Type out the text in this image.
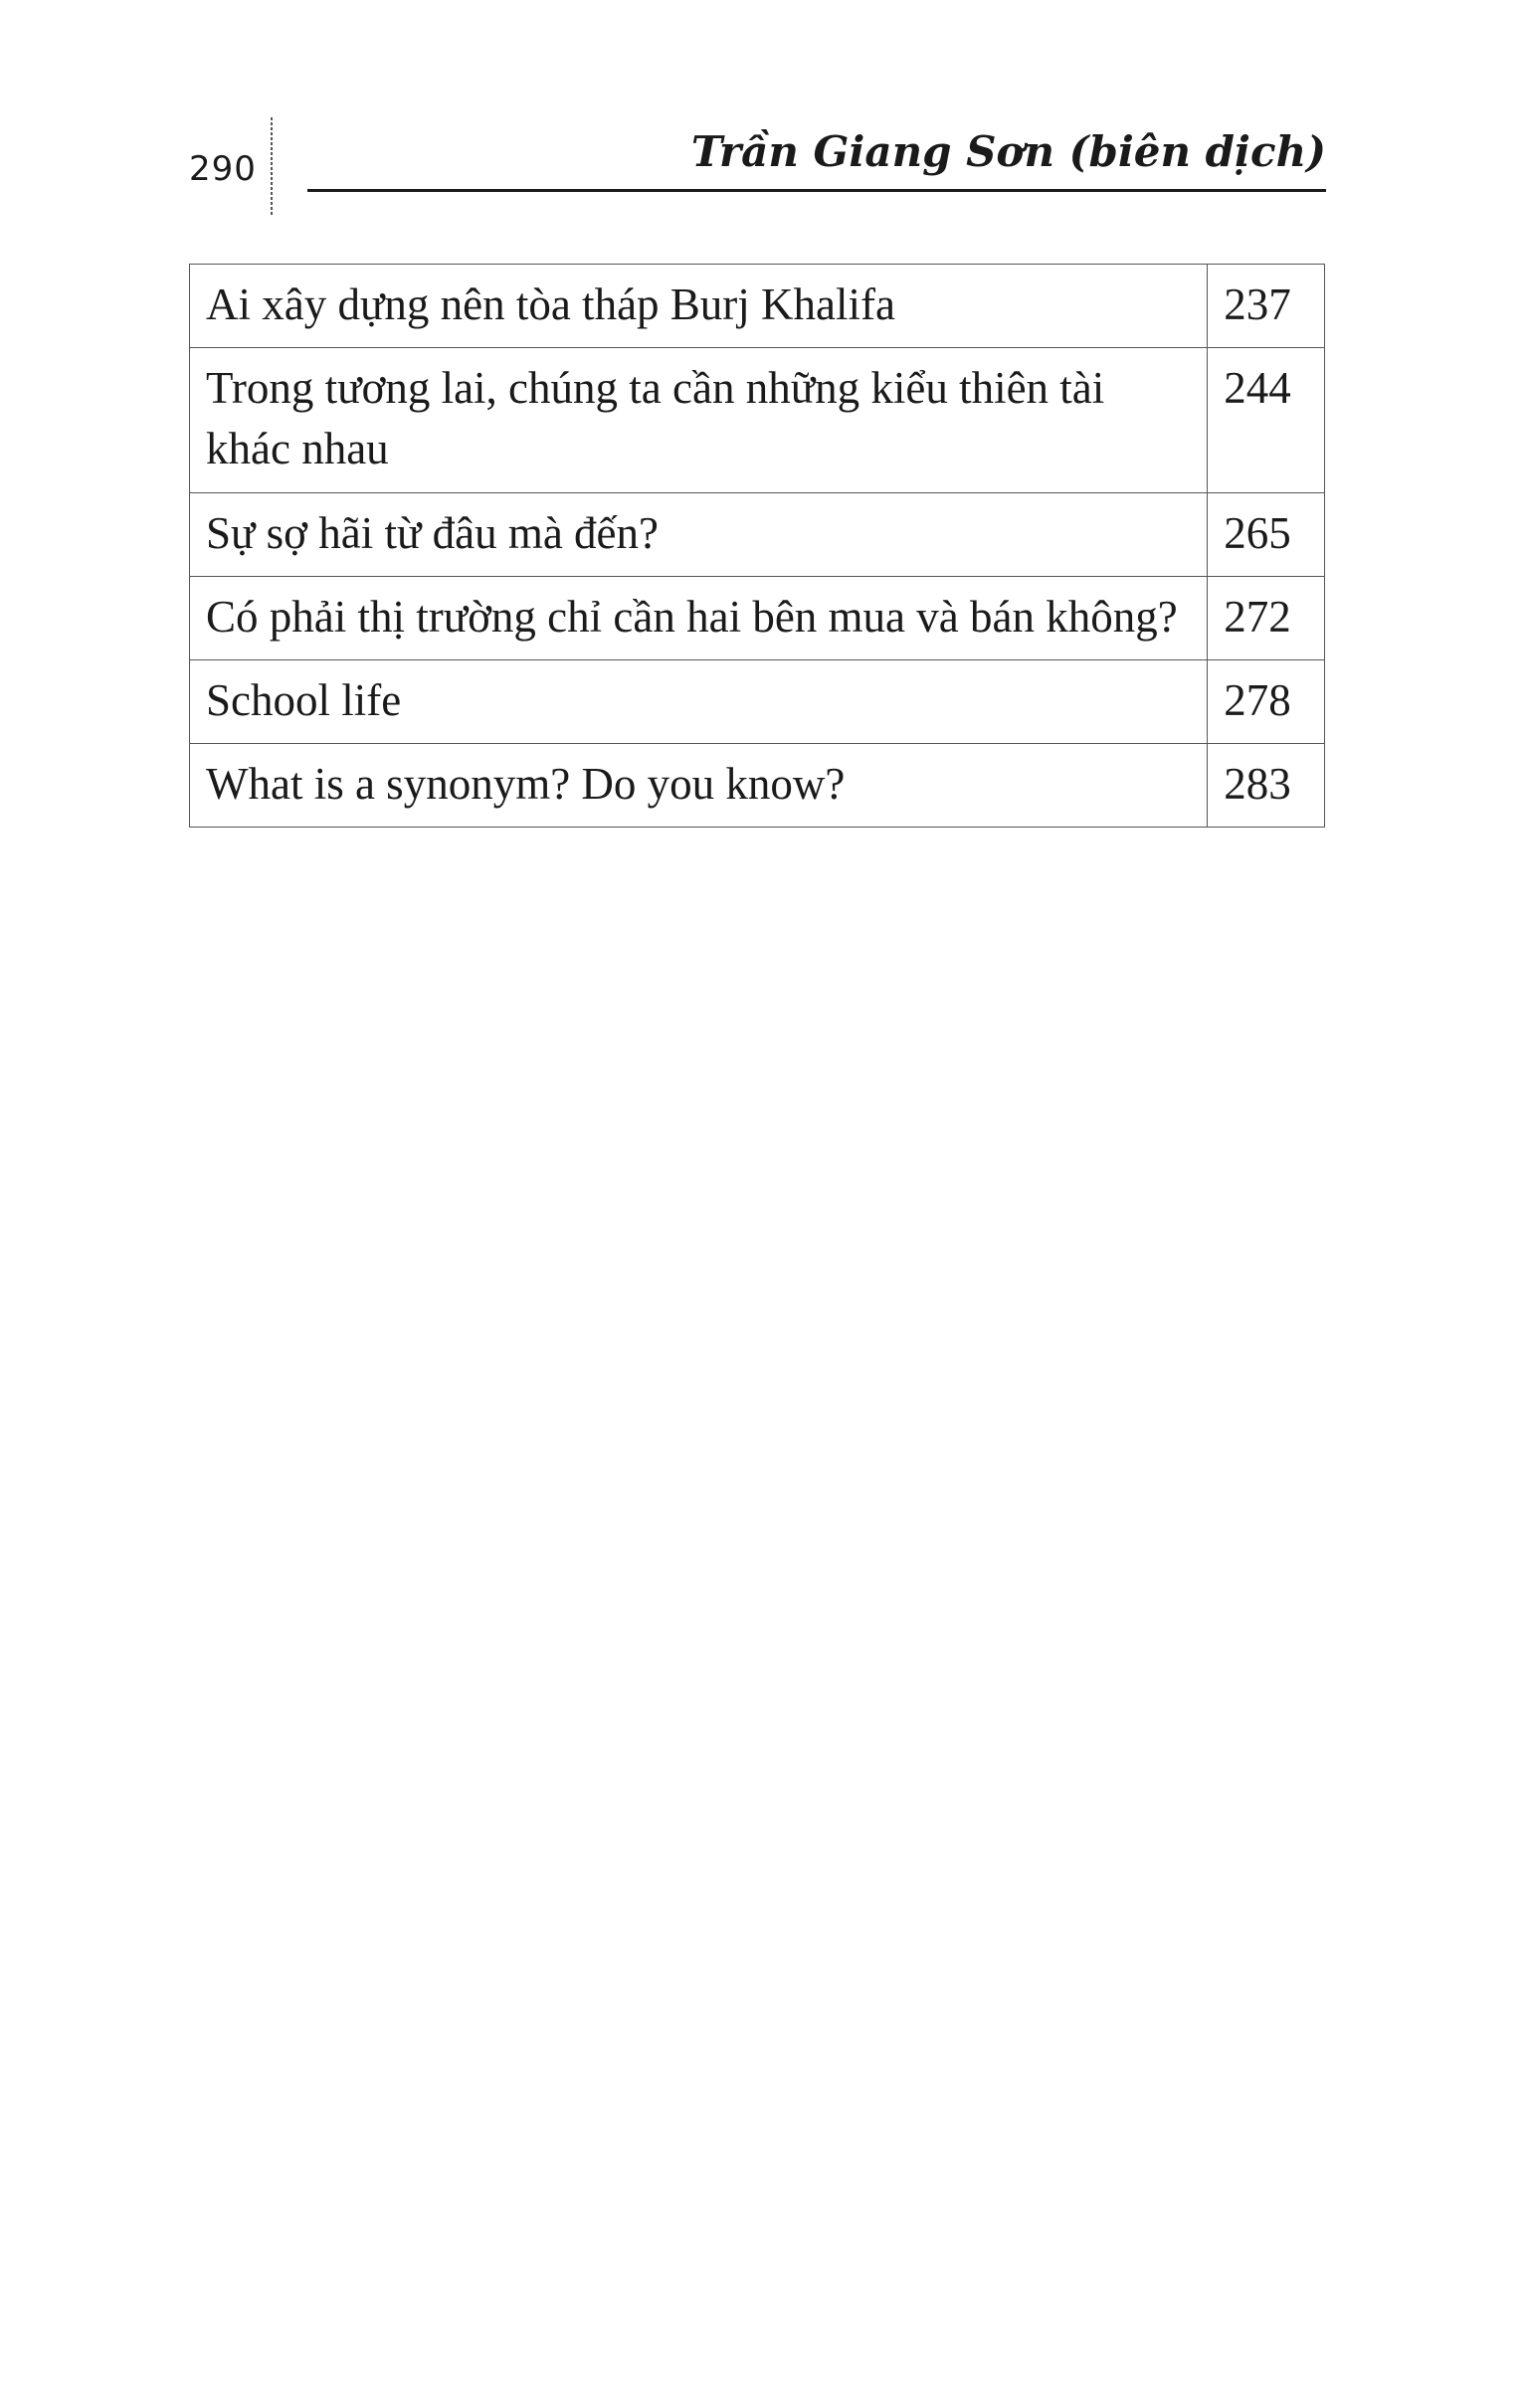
290	Trần Giang Sơn (biên dịch)
Ai xây dựng nên tòa tháp Burj Khalifa	237
Trong tương lai, chúng ta cần những kiểu thiên tài khác nhau	244
Sự sợ hãi từ đâu mà đến?	265
Có phải thị trường chỉ cần hai bên mua và bán không?	272
School life	278
What is a synonym? Do you know?	283
